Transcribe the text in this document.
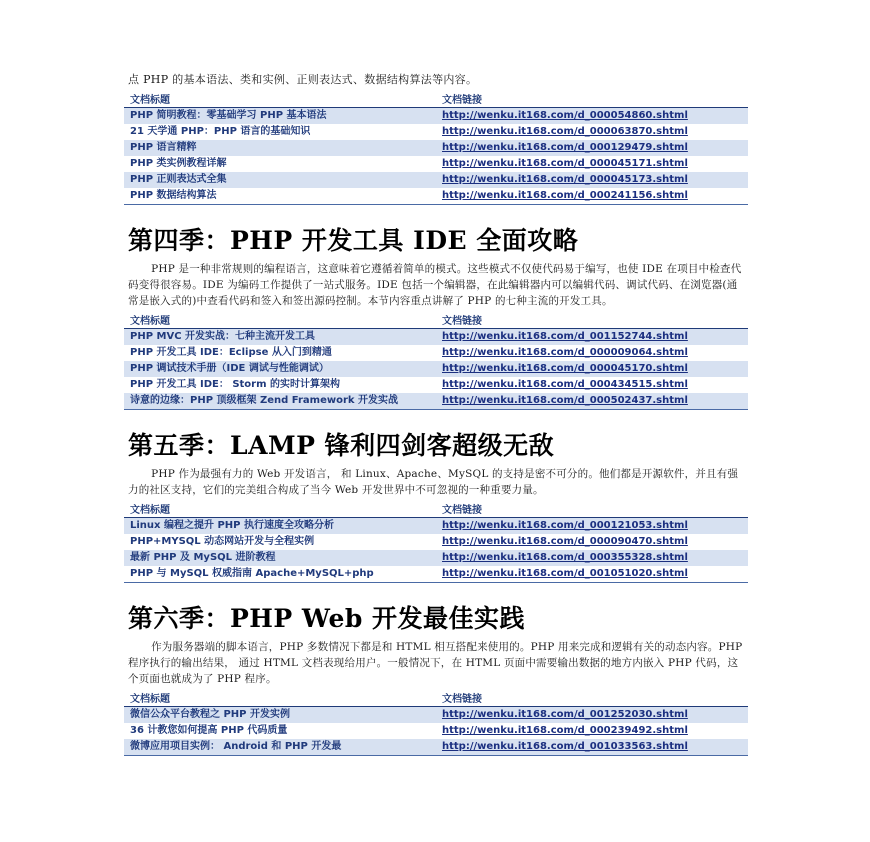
点 PHP 的基本语法、类和实例、正则表达式、数据结构算法等内容。

文档标题	文档链接
PHP 简明教程：零基础学习 PHP 基本语法	http://wenku.it168.com/d_000054860.shtml
21 天学通 PHP：PHP 语言的基础知识	http://wenku.it168.com/d_000063870.shtml
PHP 语言精粹	http://wenku.it168.com/d_000129479.shtml
PHP 类实例教程详解	http://wenku.it168.com/d_000045171.shtml
PHP 正则表达式全集	http://wenku.it168.com/d_000045173.shtml
PHP 数据结构算法	http://wenku.it168.com/d_000241156.shtml
第四季：PHP 开发工具 IDE 全面攻略

PHP 是一种非常规则的编程语言，这意味着它遵循着简单的模式。这些模式不仅使代码易于编写，也使 IDE 在项目中检查代码变得很容易。IDE 为编码工作提供了一站式服务。IDE 包括一个编辑器，在此编辑器内可以编辑代码、调试代码、在浏览器(通常是嵌入式的)中查看代码和签入和签出源码控制。本节内容重点讲解了 PHP 的七种主流的开发工具。

文档标题	文档链接
PHP MVC 开发实战：七种主流开发工具	http://wenku.it168.com/d_001152744.shtml
PHP 开发工具 IDE：Eclipse 从入门到精通	http://wenku.it168.com/d_000009064.shtml
PHP 调试技术手册（IDE 调试与性能调试）	http://wenku.it168.com/d_000045170.shtml
PHP 开发工具 IDE： Storm 的实时计算架构	http://wenku.it168.com/d_000434515.shtml
诗意的边缘：PHP 顶级框架 Zend Framework 开发实战	http://wenku.it168.com/d_000502437.shtml
第五季：LAMP 锋利四剑客超级无敌

PHP 作为最强有力的 Web 开发语言， 和 Linux、Apache、MySQL 的支持是密不可分的。他们都是开源软件，并且有强力的社区支持，它们的完美组合构成了当今 Web 开发世界中不可忽视的一种重要力量。

文档标题	文档链接
Linux 编程之提升 PHP 执行速度全攻略分析	http://wenku.it168.com/d_000121053.shtml
PHP+MYSQL 动态网站开发与全程实例	http://wenku.it168.com/d_000090470.shtml
最新 PHP 及 MySQL 进阶教程	http://wenku.it168.com/d_000355328.shtml
PHP 与 MySQL 权威指南 Apache+MySQL+php	http://wenku.it168.com/d_001051020.shtml
第六季：PHP Web 开发最佳实践

作为服务器端的脚本语言，PHP 多数情况下都是和 HTML 相互搭配来使用的。PHP 用来完成和逻辑有关的动态内容。PHP 程序执行的输出结果， 通过 HTML 文档表现给用户。一般情况下，在 HTML 页面中需要输出数据的地方内嵌入 PHP 代码，这个页面也就成为了 PHP 程序。

文档标题	文档链接
微信公众平台教程之 PHP 开发实例	http://wenku.it168.com/d_001252030.shtml
36 计教您如何提高 PHP 代码质量	http://wenku.it168.com/d_000239492.shtml
微博应用项目实例： Android 和 PHP 开发最	http://wenku.it168.com/d_001033563.shtml
